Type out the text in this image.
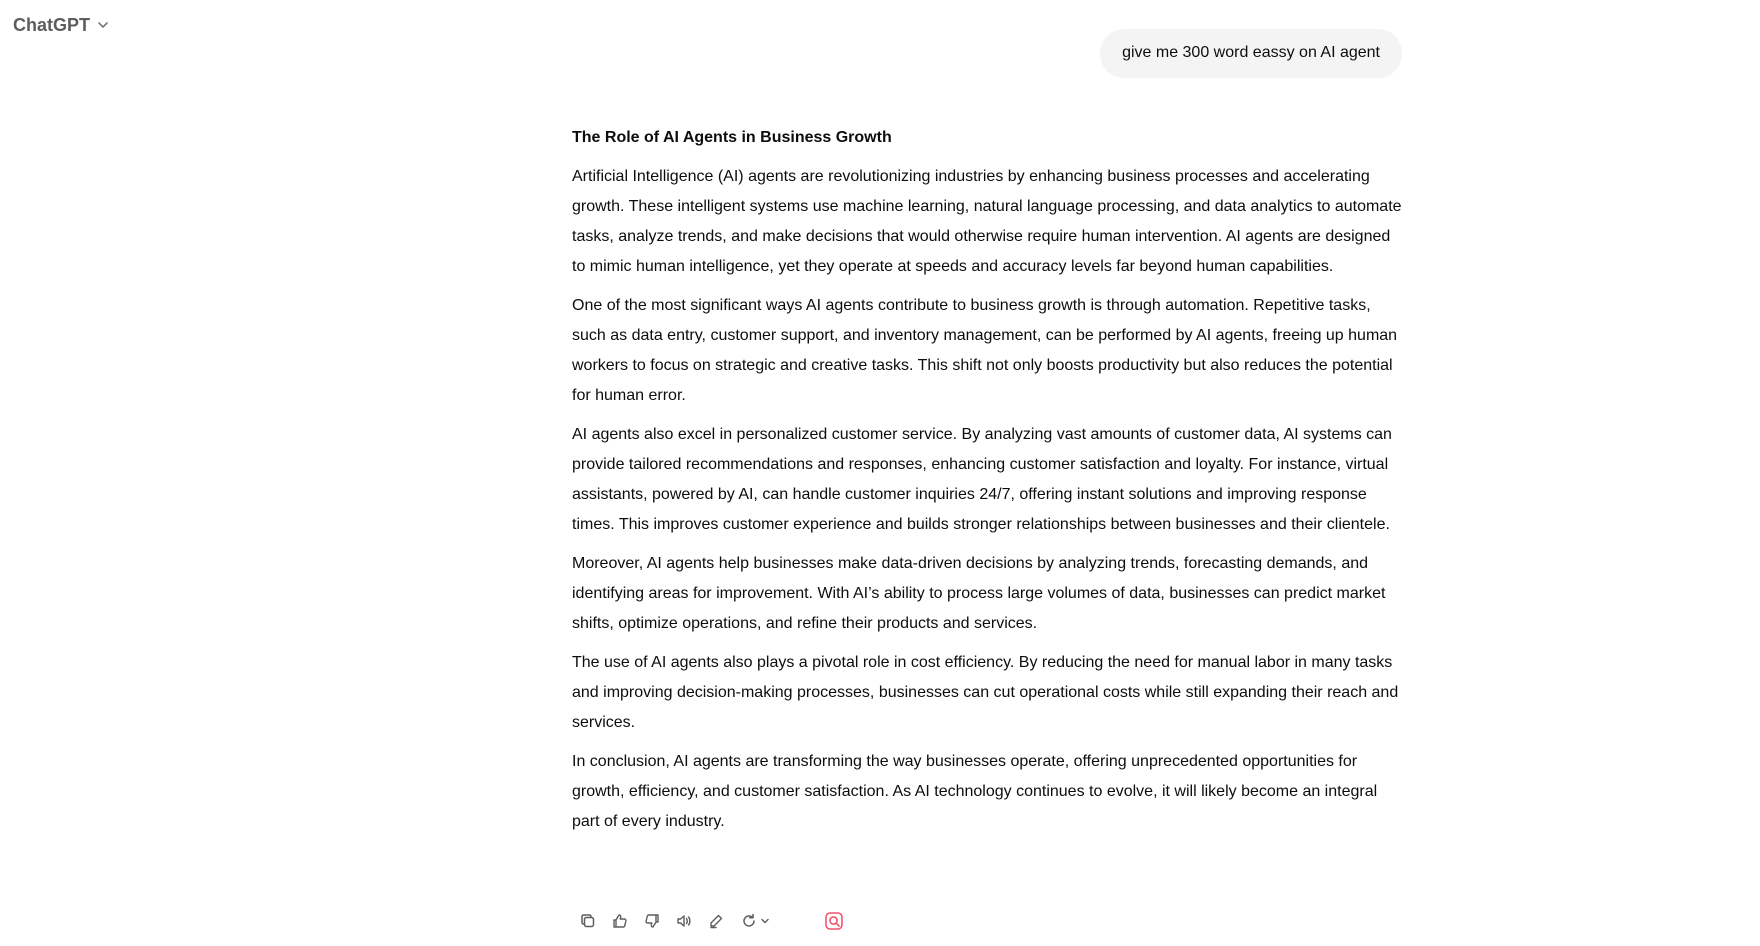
ChatGPT
give me 300 word eassy on AI agent
The Role of AI Agents in Business Growth

Artificial Intelligence (AI) agents are revolutionizing industries by enhancing business processes and accelerating growth. These intelligent systems use machine learning, natural language processing, and data analytics to automate tasks, analyze trends, and make decisions that would otherwise require human intervention. AI agents are designed to mimic human intelligence, yet they operate at speeds and accuracy levels far beyond human capabilities.

One of the most significant ways AI agents contribute to business growth is through automation. Repetitive tasks, such as data entry, customer support, and inventory management, can be performed by AI agents, freeing up human workers to focus on strategic and creative tasks. This shift not only boosts productivity but also reduces the potential for human error.

AI agents also excel in personalized customer service. By analyzing vast amounts of customer data, AI systems can provide tailored recommendations and responses, enhancing customer satisfaction and loyalty. For instance, virtual assistants, powered by AI, can handle customer inquiries 24/7, offering instant solutions and improving response times. This improves customer experience and builds stronger relationships between businesses and their clientele.

Moreover, AI agents help businesses make data-driven decisions by analyzing trends, forecasting demands, and identifying areas for improvement. With AI’s ability to process large volumes of data, businesses can predict market shifts, optimize operations, and refine their products and services.

The use of AI agents also plays a pivotal role in cost efficiency. By reducing the need for manual labor in many tasks and improving decision-making processes, businesses can cut operational costs while still expanding their reach and services.

In conclusion, AI agents are transforming the way businesses operate, offering unprecedented opportunities for growth, efficiency, and customer satisfaction. As AI technology continues to evolve, it will likely become an integral part of every industry.
